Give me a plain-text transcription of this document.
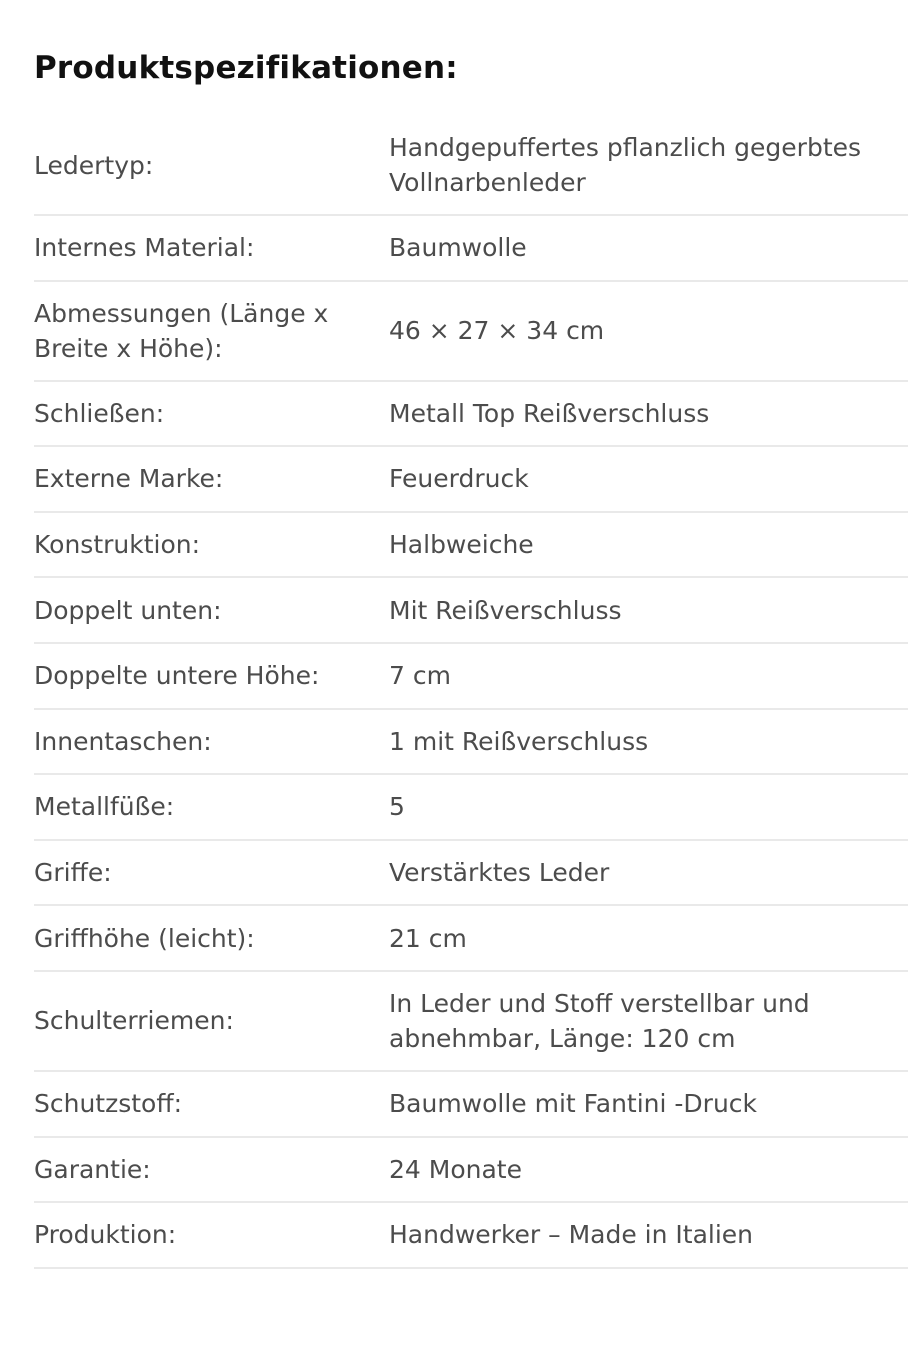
Produktspezifikationen:
Ledertyp:
Handgepuffertes pflanzlich gegerbtes Vollnarbenleder
Internes Material:	Baumwolle
Abmessungen (Länge x Breite x Höhe):
46 × 27 × 34 cm
Schließen:	Metall Top Reißverschluss
Externe Marke:	Feuerdruck
Konstruktion:	Halbweiche
Doppelt unten:	Mit Reißverschluss
Doppelte untere Höhe:	7 cm
Innentaschen:	1 mit Reißverschluss
Metallfüße:	5
Griffe:	Verstärktes Leder
Griffhöhe (leicht):	21 cm
Schulterriemen:
In Leder und Stoff verstellbar und abnehmbar, Länge: 120 cm
Schutzstoff:	Baumwolle mit Fantini -Druck
Garantie:	24 Monate
Produktion:	Handwerker – Made in Italien
